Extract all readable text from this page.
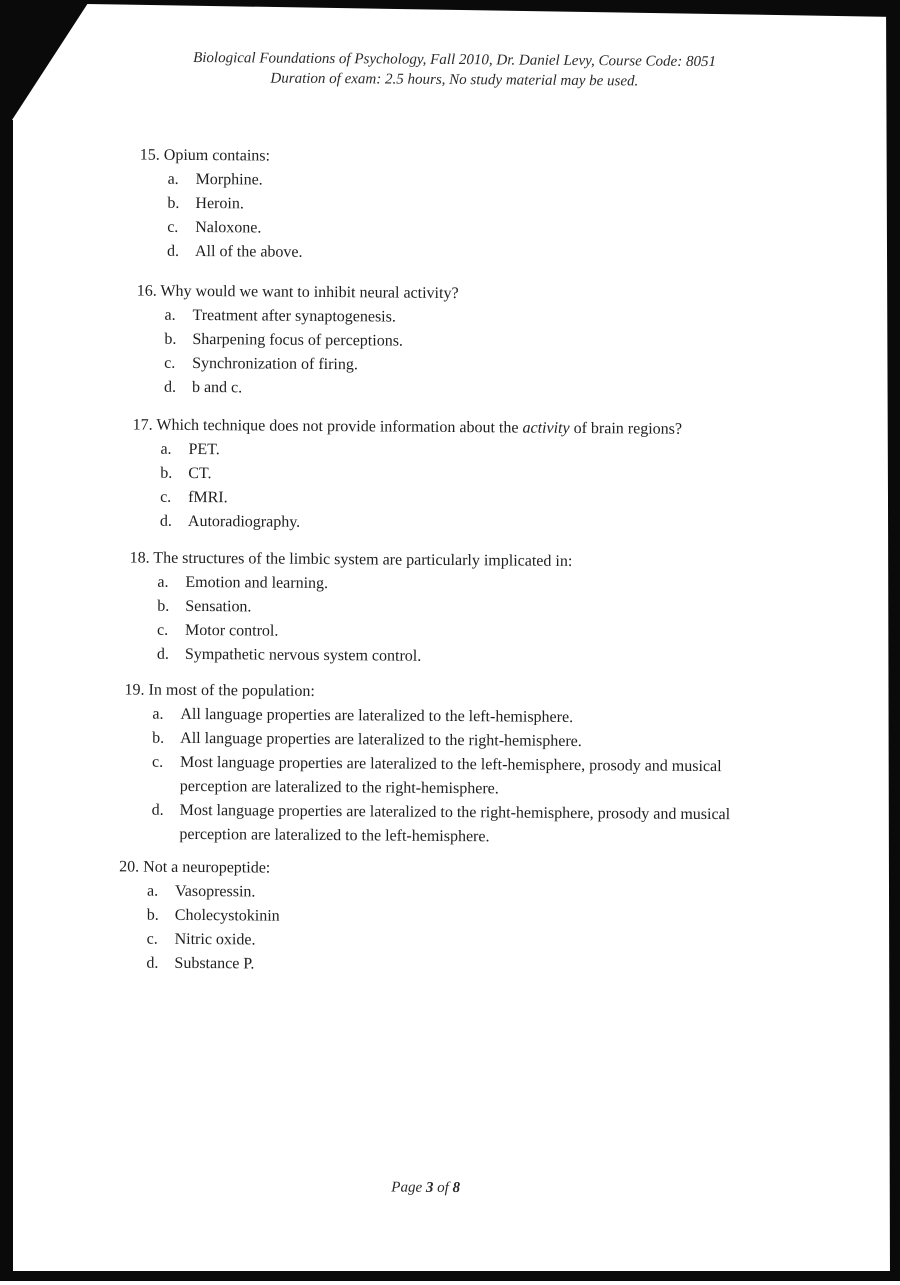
Biological Foundations of Psychology, Fall 2010, Dr. Daniel Levy, Course Code: 8051
Duration of exam: 2.5 hours, No study material may be used.
15. Opium contains:
a. Morphine.
b. Heroin.
c. Naloxone.
d. All of the above.
16. Why would we want to inhibit neural activity?
a. Treatment after synaptogenesis.
b. Sharpening focus of perceptions.
c. Synchronization of firing.
d. b and c.
17. Which technique does not provide information about the activity of brain regions?
a. PET.
b. CT.
c. fMRI.
d. Autoradiography.
18. The structures of the limbic system are particularly implicated in:
a. Emotion and learning.
b. Sensation.
c. Motor control.
d. Sympathetic nervous system control.
19. In most of the population:
a. All language properties are lateralized to the left-hemisphere.
b. All language properties are lateralized to the right-hemisphere.
c. Most language properties are lateralized to the left-hemisphere, prosody and musical perception are lateralized to the right-hemisphere.
d. Most language properties are lateralized to the right-hemisphere, prosody and musical perception are lateralized to the left-hemisphere.
20. Not a neuropeptide:
a. Vasopressin.
b. Cholecystokinin
c. Nitric oxide.
d. Substance P.
Page 3 of 8
